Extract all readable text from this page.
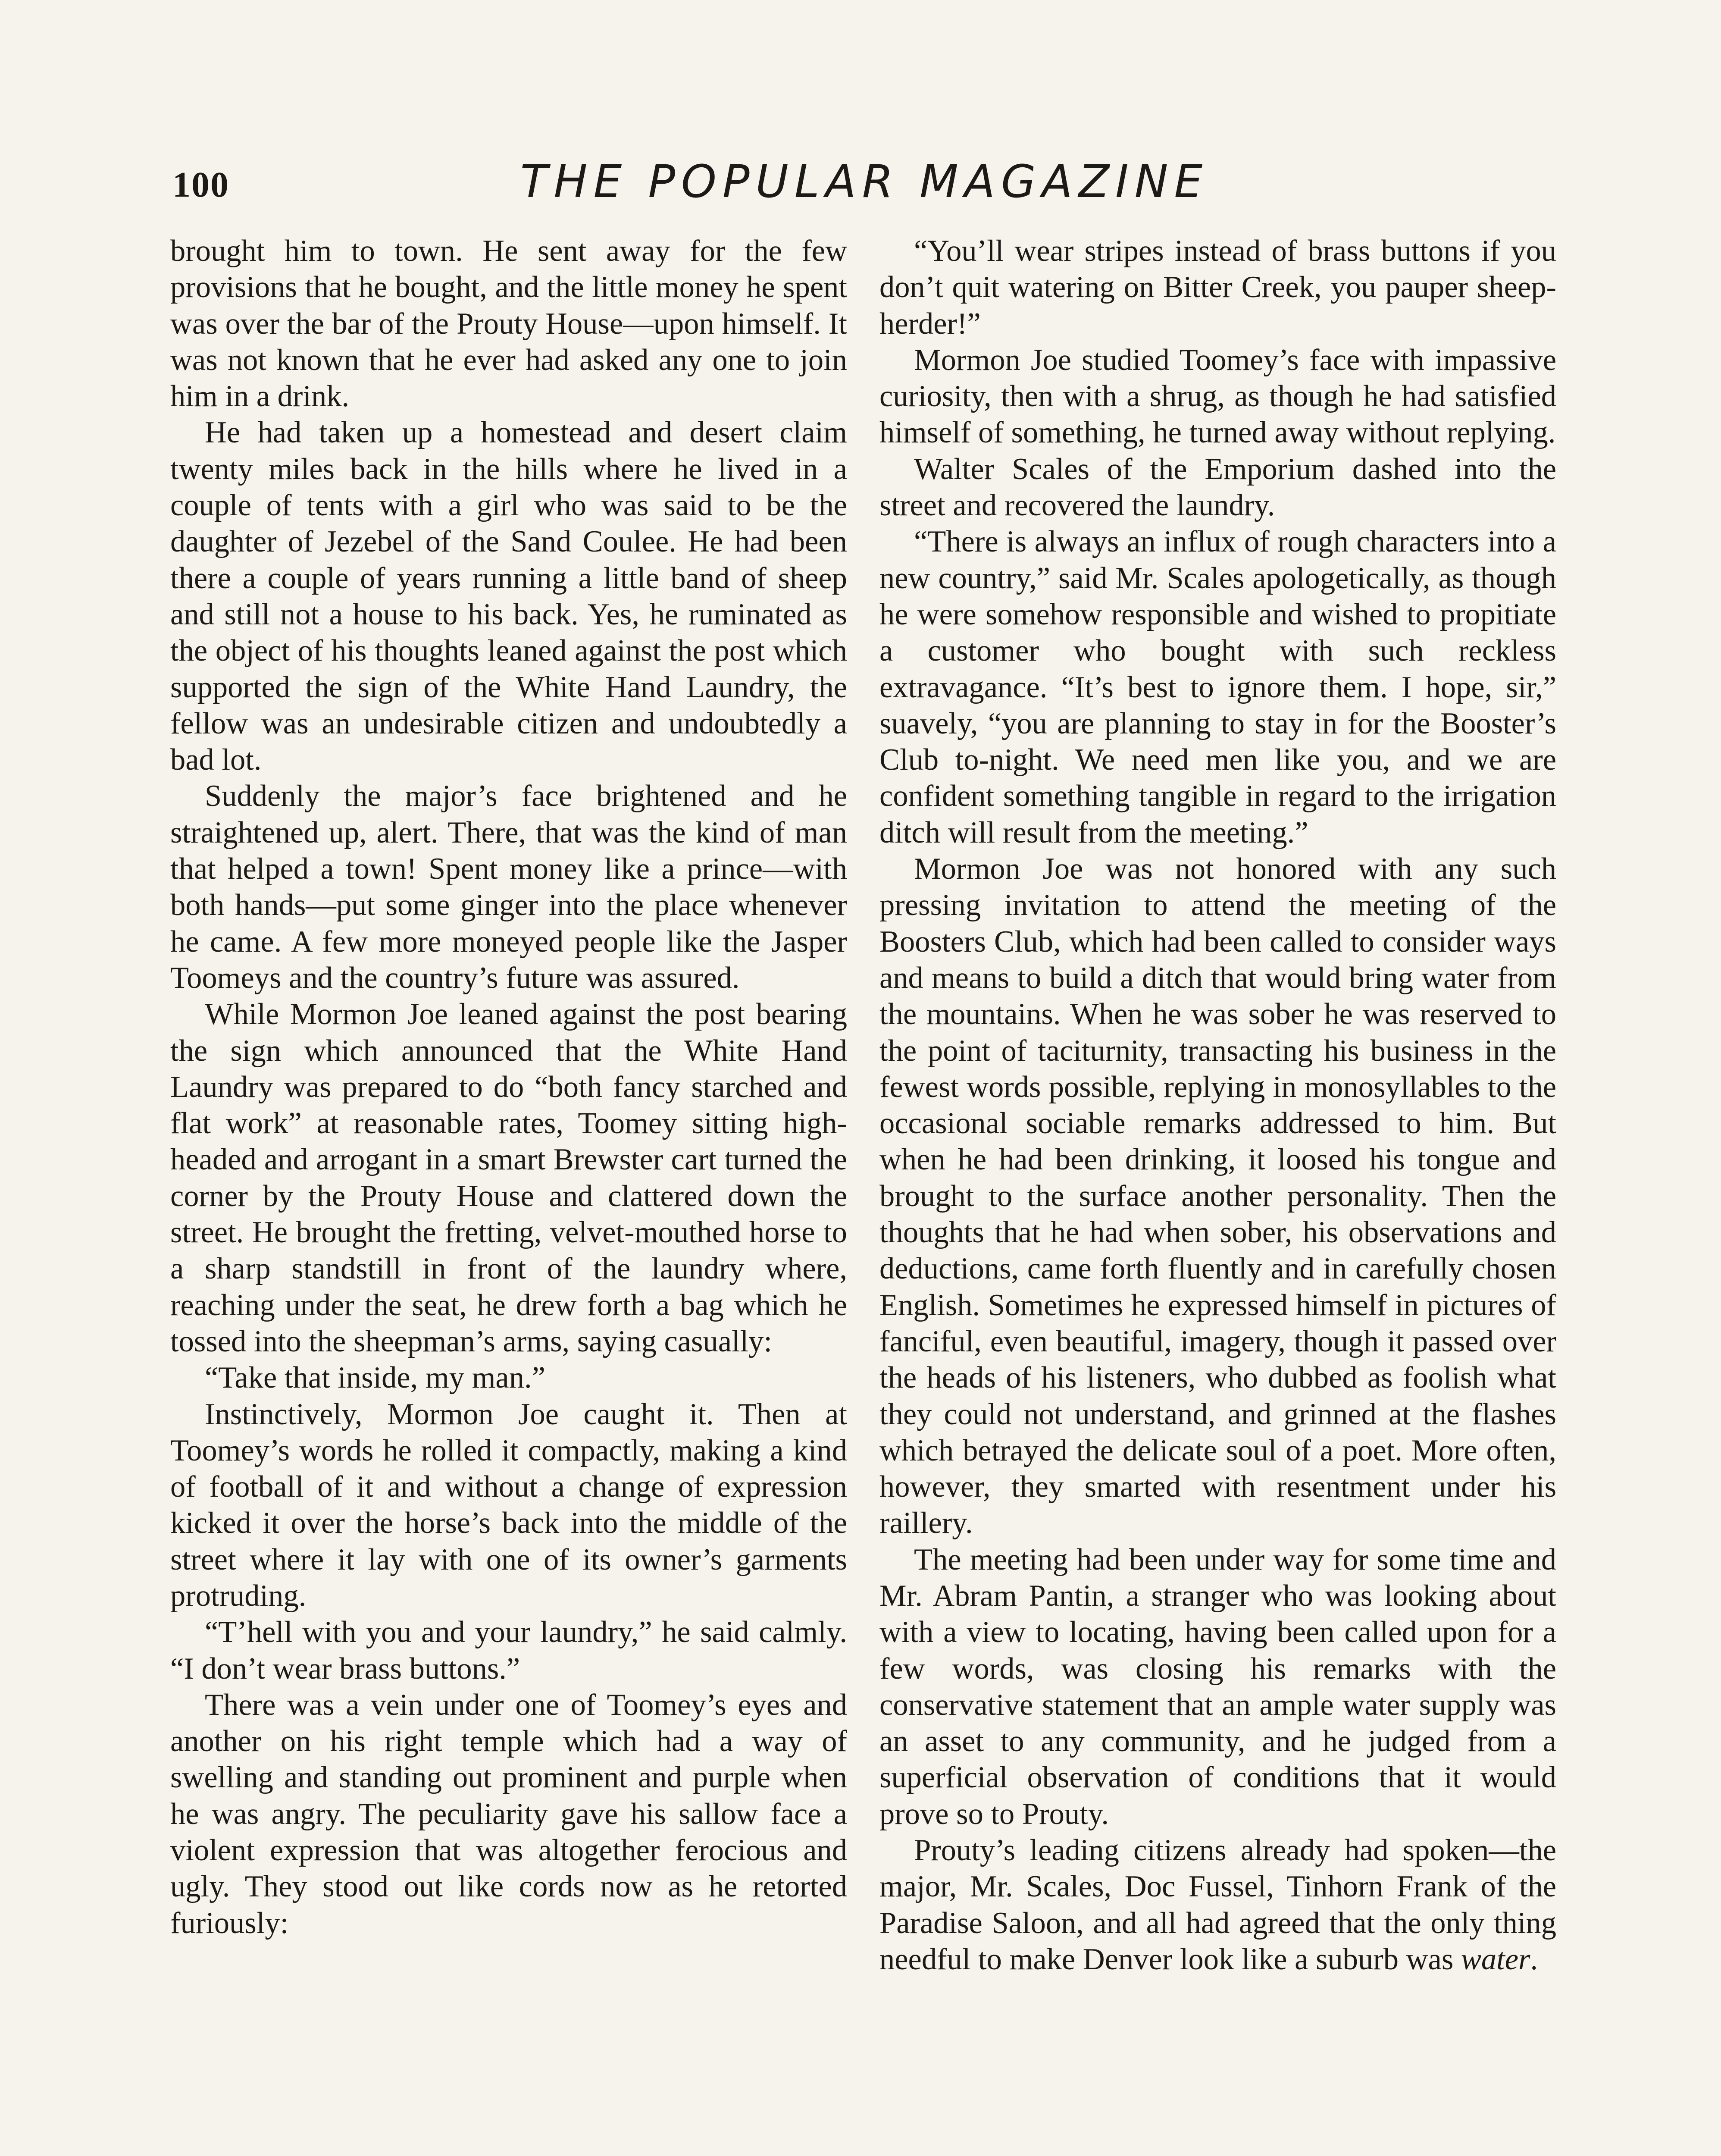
100	THE POPULAR MAGAZINE

brought him to town. He sent away for the few provisions that he bought, and the little money he spent was over the bar of the Prouty House—upon himself. It was not known that he ever had asked any one to join him in a drink.

He had taken up a homestead and desert claim twenty miles back in the hills where he lived in a couple of tents with a girl who was said to be the daughter of Jezebel of the Sand Coulee. He had been there a couple of years running a little band of sheep and still not a house to his back. Yes, he ruminated as the object of his thoughts leaned against the post which supported the sign of the White Hand Laundry, the fellow was an undesirable citizen and undoubtedly a bad lot.

Suddenly the major’s face brightened and he straightened up, alert. There, that was the kind of man that helped a town! Spent money like a prince—with both hands—put some ginger into the place whenever he came. A few more moneyed people like the Jasper Toomeys and the country’s future was assured.

While Mormon Joe leaned against the post bearing the sign which announced that the White Hand Laundry was prepared to do “both fancy starched and flat work” at reasonable rates, Toomey sitting high-headed and arrogant in a smart Brewster cart turned the corner by the Prouty House and clattered down the street. He brought the fretting, velvet-mouthed horse to a sharp standstill in front of the laundry where, reaching under the seat, he drew forth a bag which he tossed into the sheepman’s arms, saying casually:

“Take that inside, my man.”

Instinctively, Mormon Joe caught it. Then at Toomey’s words he rolled it compactly, making a kind of football of it and without a change of expression kicked it over the horse’s back into the middle of the street where it lay with one of its owner’s garments protruding.

“T’hell with you and your laundry,” he said calmly. “I don’t wear brass buttons.”

There was a vein under one of Toomey’s eyes and another on his right temple which had a way of swelling and standing out prominent and purple when he was angry. The peculiarity gave his sallow face a violent expression that was altogether ferocious and ugly. They stood out like cords now as he retorted furiously:

“You’ll wear stripes instead of brass buttons if you don’t quit watering on Bitter Creek, you pauper sheep-herder!”

Mormon Joe studied Toomey’s face with impassive curiosity, then with a shrug, as though he had satisfied himself of something, he turned away without replying.

Walter Scales of the Emporium dashed into the street and recovered the laundry.

“There is always an influx of rough characters into a new country,” said Mr. Scales apologetically, as though he were somehow responsible and wished to propitiate a customer who bought with such reckless extravagance. “It’s best to ignore them. I hope, sir,” suavely, “you are planning to stay in for the Booster’s Club to-night. We need men like you, and we are confident something tangible in regard to the irrigation ditch will result from the meeting.”

Mormon Joe was not honored with any such pressing invitation to attend the meeting of the Boosters Club, which had been called to consider ways and means to build a ditch that would bring water from the mountains. When he was sober he was reserved to the point of taciturnity, transacting his business in the fewest words possible, replying in monosyllables to the occasional sociable remarks addressed to him. But when he had been drinking, it loosed his tongue and brought to the surface another personality. Then the thoughts that he had when sober, his observations and deductions, came forth fluently and in carefully chosen English. Sometimes he expressed himself in pictures of fanciful, even beautiful, imagery, though it passed over the heads of his listeners, who dubbed as foolish what they could not understand, and grinned at the flashes which betrayed the delicate soul of a poet. More often, however, they smarted with resentment under his raillery.

The meeting had been under way for some time and Mr. Abram Pantin, a stranger who was looking about with a view to locating, having been called upon for a few words, was closing his remarks with the conservative statement that an ample water supply was an asset to any community, and he judged from a superficial observation of conditions that it would prove so to Prouty.

Prouty’s leading citizens already had spoken—the major, Mr. Scales, Doc Fussel, Tinhorn Frank of the Paradise Saloon, and all had agreed that the only thing needful to make Denver look like a suburb was water.
